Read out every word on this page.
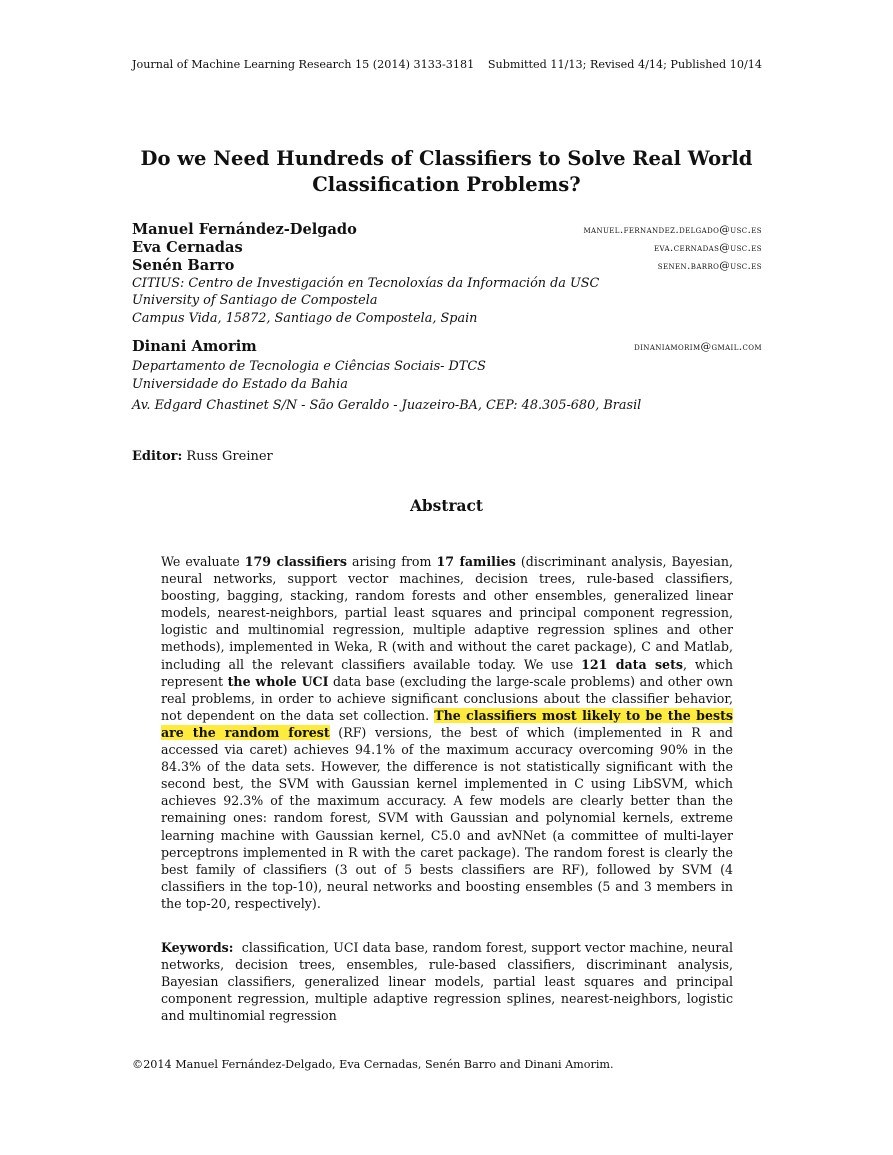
Journal of Machine Learning Research 15 (2014) 3133-3181 Submitted 11/13; Revised 4/14; Published 10/14
Do we Need Hundreds of Classifiers to Solve Real World Classification Problems?
Manuel Fernández-Delgado	manuel.fernandez.delgado@usc.es
Eva Cernadas	eva.cernadas@usc.es
Senén Barro	senen.barro@usc.es
CITIUS: Centro de Investigación en Tecnoloxías da Información da USC
University of Santiago de Compostela
Campus Vida, 15872, Santiago de Compostela, Spain
Dinani Amorim	dinaniamorim@gmail.com
Departamento de Tecnologia e Ciências Sociais- DTCS
Universidade do Estado da Bahia
Av. Edgard Chastinet S/N - São Geraldo - Juazeiro-BA, CEP: 48.305-680, Brasil
Editor: Russ Greiner
Abstract
We evaluate 179 classifiers arising from 17 families (discriminant analysis, Bayesian, neural networks, support vector machines, decision trees, rule-based classifiers, boosting, bagging, stacking, random forests and other ensembles, generalized linear models, nearest-neighbors, partial least squares and principal component regression, logistic and multinomial regression, multiple adaptive regression splines and other methods), implemented in Weka, R (with and without the caret package), C and Matlab, including all the relevant classifiers available today. We use 121 data sets, which represent the whole UCI data base (excluding the large-scale problems) and other own real problems, in order to achieve significant conclusions about the classifier behavior, not dependent on the data set collection. The classifiers most likely to be the bests are the random forest (RF) versions, the best of which (implemented in R and accessed via caret) achieves 94.1% of the maximum accuracy overcoming 90% in the 84.3% of the data sets. However, the difference is not statistically significant with the second best, the SVM with Gaussian kernel implemented in C using LibSVM, which achieves 92.3% of the maximum accuracy. A few models are clearly better than the remaining ones: random forest, SVM with Gaussian and polynomial kernels, extreme learning machine with Gaussian kernel, C5.0 and avNNet (a committee of multi-layer perceptrons implemented in R with the caret package). The random forest is clearly the best family of classifiers (3 out of 5 bests classifiers are RF), followed by SVM (4 classifiers in the top-10), neural networks and boosting ensembles (5 and 3 members in the top-20, respectively).
Keywords: classification, UCI data base, random forest, support vector machine, neural networks, decision trees, ensembles, rule-based classifiers, discriminant analysis, Bayesian classifiers, generalized linear models, partial least squares and principal component regression, multiple adaptive regression splines, nearest-neighbors, logistic and multinomial regression
©2014 Manuel Fernández-Delgado, Eva Cernadas, Senén Barro and Dinani Amorim.
